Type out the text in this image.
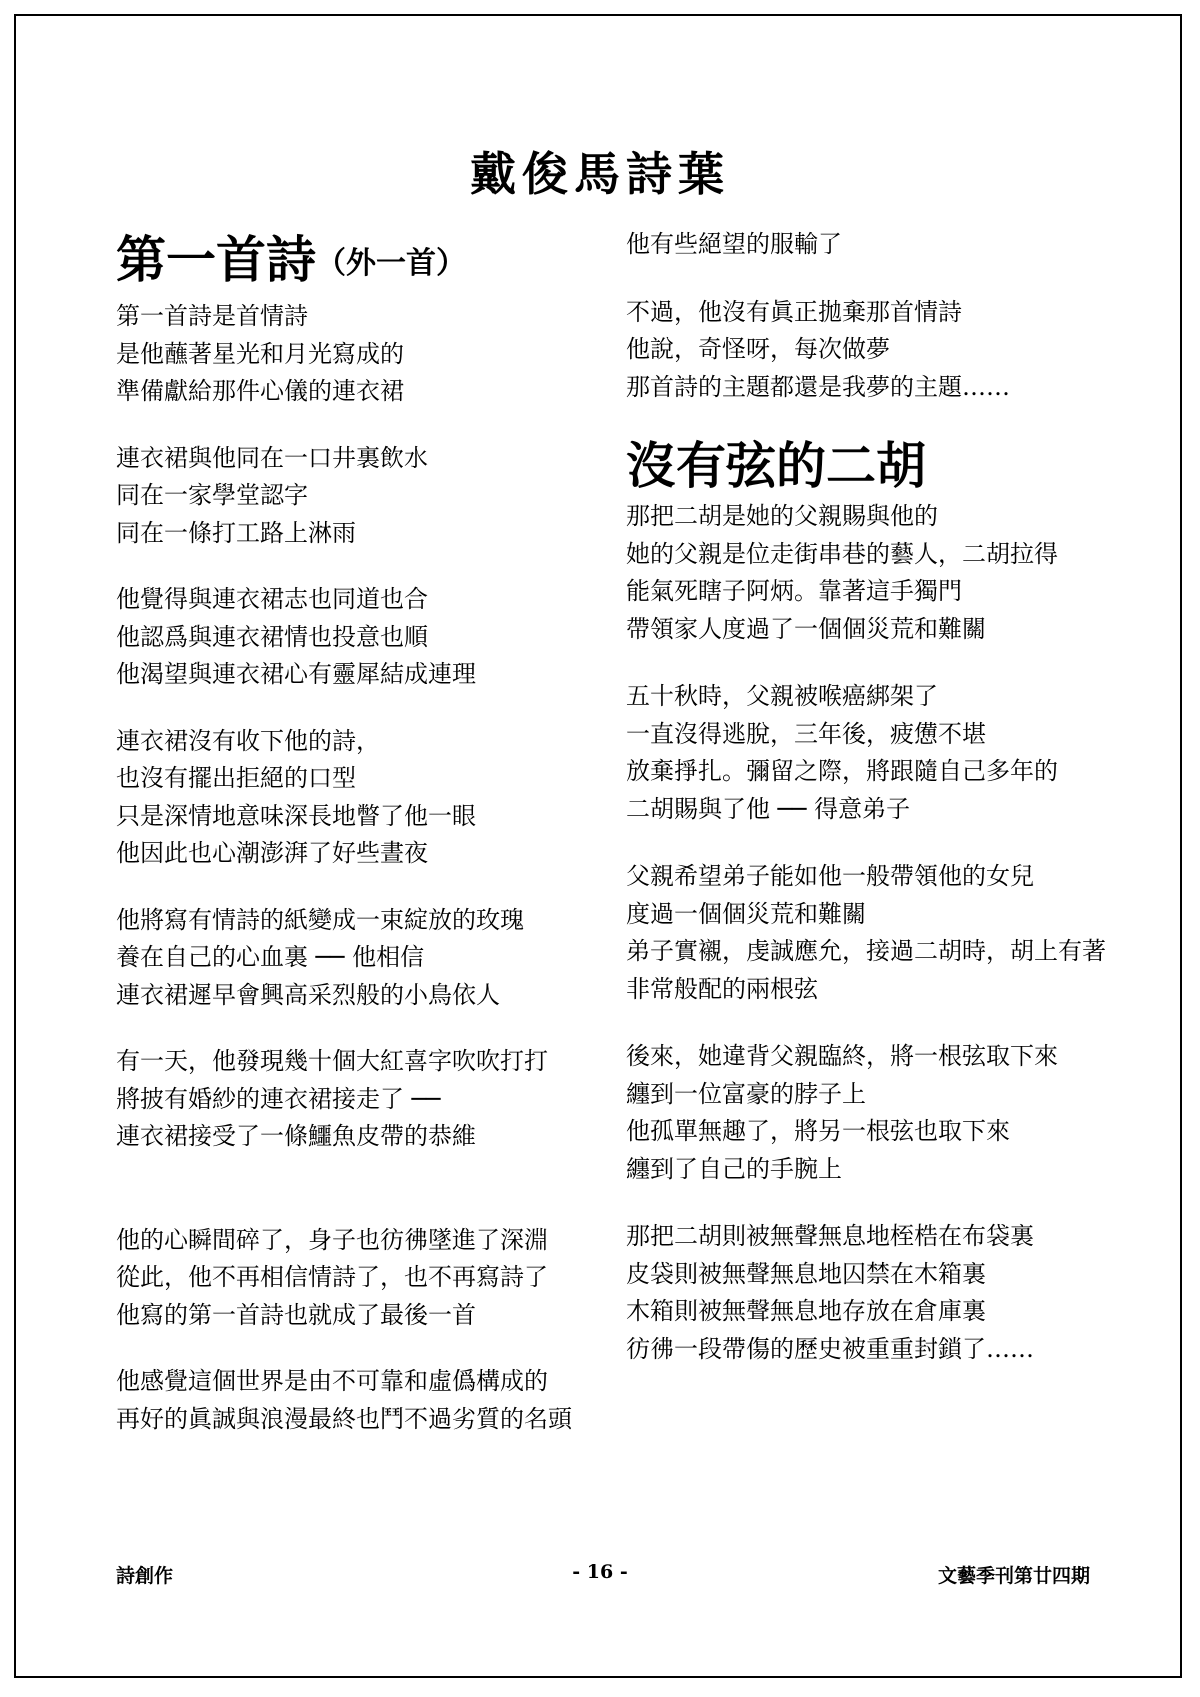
戴俊馬詩葉
第一首詩（外一首）
第一首詩是首情詩
是他蘸著星光和月光寫成的
準備獻給那件心儀的連衣裙
連衣裙與他同在一口井裏飲水
同在一家學堂認字
同在一條打工路上淋雨
他覺得與連衣裙志也同道也合
他認爲與連衣裙情也投意也順
他渴望與連衣裙心有靈犀結成連理
連衣裙沒有收下他的詩，
也沒有擺出拒絕的口型
只是深情地意味深長地瞥了他一眼
他因此也心潮澎湃了好些晝夜
他將寫有情詩的紙變成一束綻放的玫瑰
養在自己的心血裏 ── 他相信
連衣裙遲早會興高采烈般的小鳥依人
有一天，他發現幾十個大紅喜字吹吹打打
將披有婚紗的連衣裙接走了 ──
連衣裙接受了一條鱷魚皮帶的恭維
他的心瞬間碎了，身子也彷彿墜進了深淵
從此，他不再相信情詩了，也不再寫詩了
他寫的第一首詩也就成了最後一首
他感覺這個世界是由不可靠和虛僞構成的
再好的眞誠與浪漫最終也鬥不過劣質的名頭
他有些絕望的服輸了
不過，他沒有眞正拋棄那首情詩
他說，奇怪呀，每次做夢
那首詩的主題都還是我夢的主題……
沒有弦的二胡
那把二胡是她的父親賜與他的
她的父親是位走街串巷的藝人，二胡拉得
能氣死瞎子阿炳。靠著這手獨門
帶領家人度過了一個個災荒和難關
五十秋時，父親被喉癌綁架了
一直沒得逃脫，三年後，疲憊不堪
放棄掙扎。彌留之際，將跟隨自己多年的
二胡賜與了他 ── 得意弟子
父親希望弟子能如他一般帶領他的女兒
度過一個個災荒和難關
弟子實襯，虔誠應允，接過二胡時，胡上有著
非常般配的兩根弦
後來，她違背父親臨終，將一根弦取下來
纏到一位富豪的脖子上
他孤單無趣了，將另一根弦也取下來
纏到了自己的手腕上
那把二胡則被無聲無息地桎梏在布袋裏
皮袋則被無聲無息地囚禁在木箱裏
木箱則被無聲無息地存放在倉庫裏
彷彿一段帶傷的歷史被重重封鎖了……
詩創作	- 16 -	文藝季刊第廿四期
